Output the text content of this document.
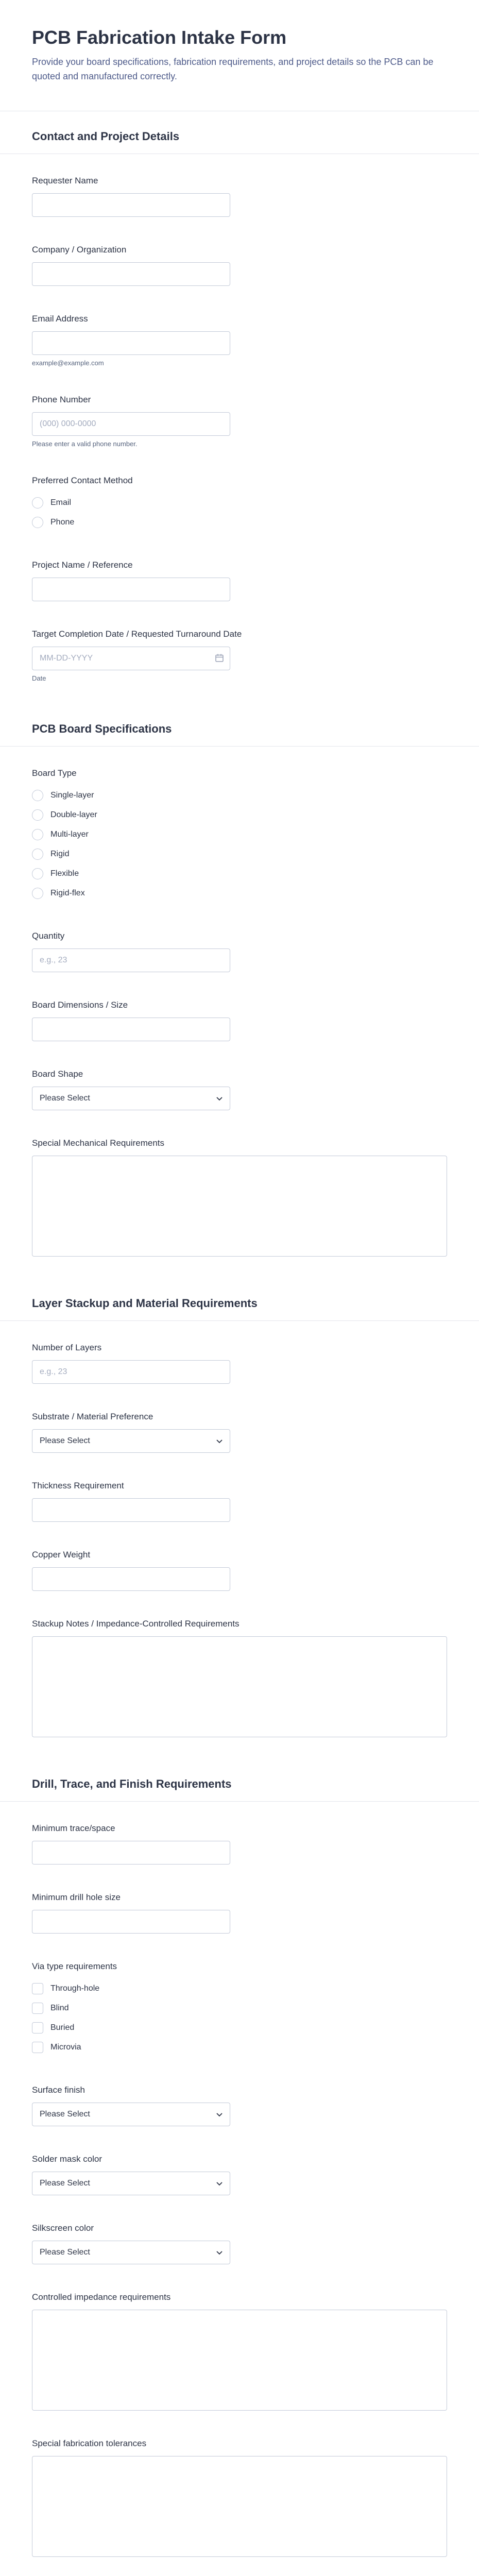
PCB Fabrication Intake Form
Provide your board specifications, fabrication requirements, and project details so the PCB can be quoted and manufactured correctly.
Contact and Project Details
Requester Name
Company / Organization
Email Address
example@example.com
Phone Number
(000) 000-0000
Please enter a valid phone number.
Preferred Contact Method
Email
Phone
Project Name / Reference
Target Completion Date / Requested Turnaround Date
MM-DD-YYYY
Date
PCB Board Specifications
Board Type
Single-layer
Double-layer
Multi-layer
Rigid
Flexible
Rigid-flex
Quantity
e.g., 23
Board Dimensions / Size
Board Shape
Please Select
Special Mechanical Requirements
Layer Stackup and Material Requirements
Number of Layers
e.g., 23
Substrate / Material Preference
Please Select
Thickness Requirement
Copper Weight
Stackup Notes / Impedance-Controlled Requirements
Drill, Trace, and Finish Requirements
Minimum trace/space
Minimum drill hole size
Via type requirements
Through-hole
Blind
Buried
Microvia
Surface finish
Please Select
Solder mask color
Please Select
Silkscreen color
Please Select
Controlled impedance requirements
Special fabrication tolerances
